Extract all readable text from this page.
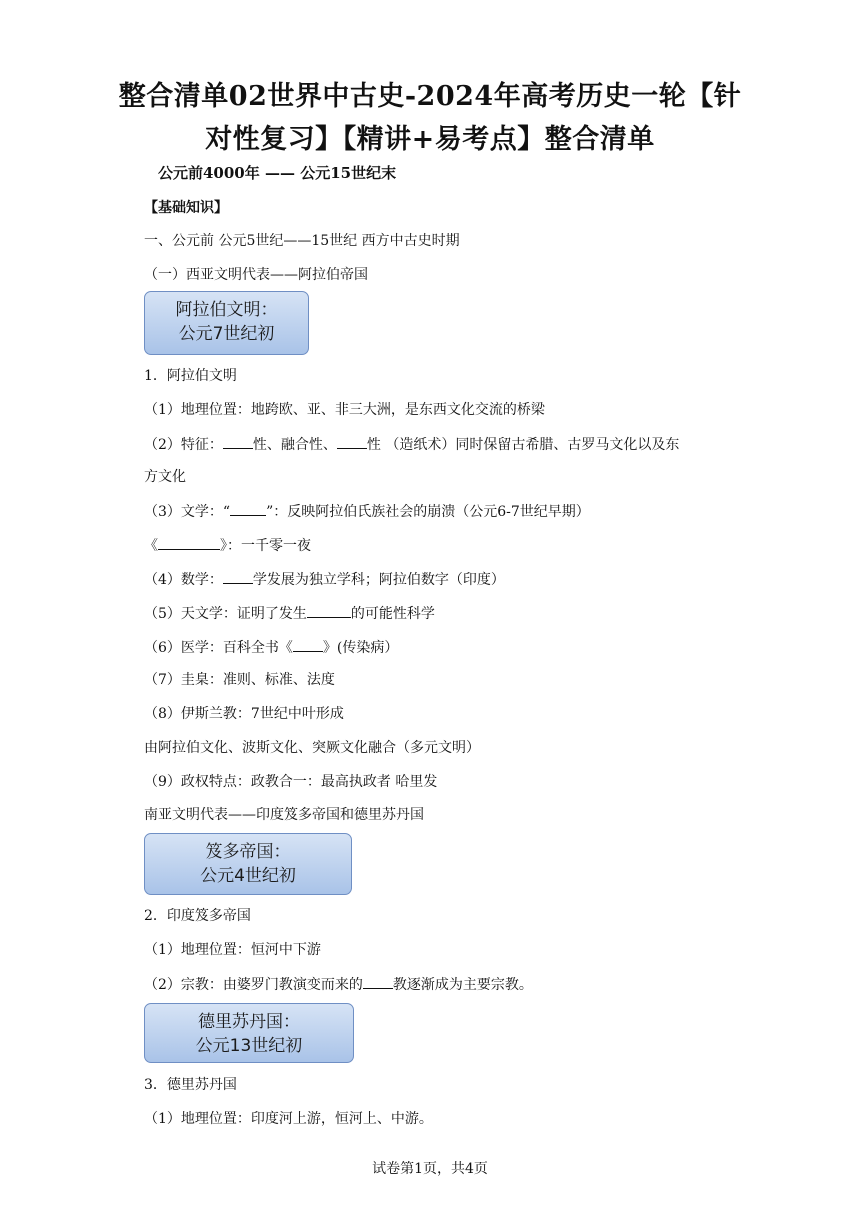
整合清单02世界中古史-2024年高考历史一轮【针
对性复习】【精讲+易考点】整合清单
公元前4000年 —— 公元15世纪末
【基础知识】
一、公元前 公元5世纪——15世纪 西方中古史时期
（一）西亚文明代表——阿拉伯帝国
阿拉伯文明：
公元7世纪初
1．阿拉伯文明
（1）地理位置：地跨欧、亚、非三大洲，是东西文化交流的桥梁
（2）特征： 性、融合性、 性 （造纸术）同时保留古希腊、古罗马文化以及东
方文化
（3）文学：“	”：反映阿拉伯氏族社会的崩溃（公元6-7世纪早期）
《	》：一千零一夜
（4）数学： 学发展为独立学科；阿拉伯数字（印度）
（5）天文学：证明了发生	的可能性科学
（6）医学：百科全书《 》(传染病）
（7）圭臬：准则、标准、法度
（8）伊斯兰教：7世纪中叶形成
由阿拉伯文化、波斯文化、突厥文化融合（多元文明）
（9）政权特点：政教合一：最高执政者 哈里发
南亚文明代表——印度笈多帝国和德里苏丹国
笈多帝国：
公元4世纪初
2．印度笈多帝国
（1）地理位置：恒河中下游
（2）宗教：由婆罗门教演变而来的 教逐渐成为主要宗教。
德里苏丹国：
公元13世纪初
3．德里苏丹国
（1）地理位置：印度河上游，恒河上、中游。
试卷第1页，共4页
